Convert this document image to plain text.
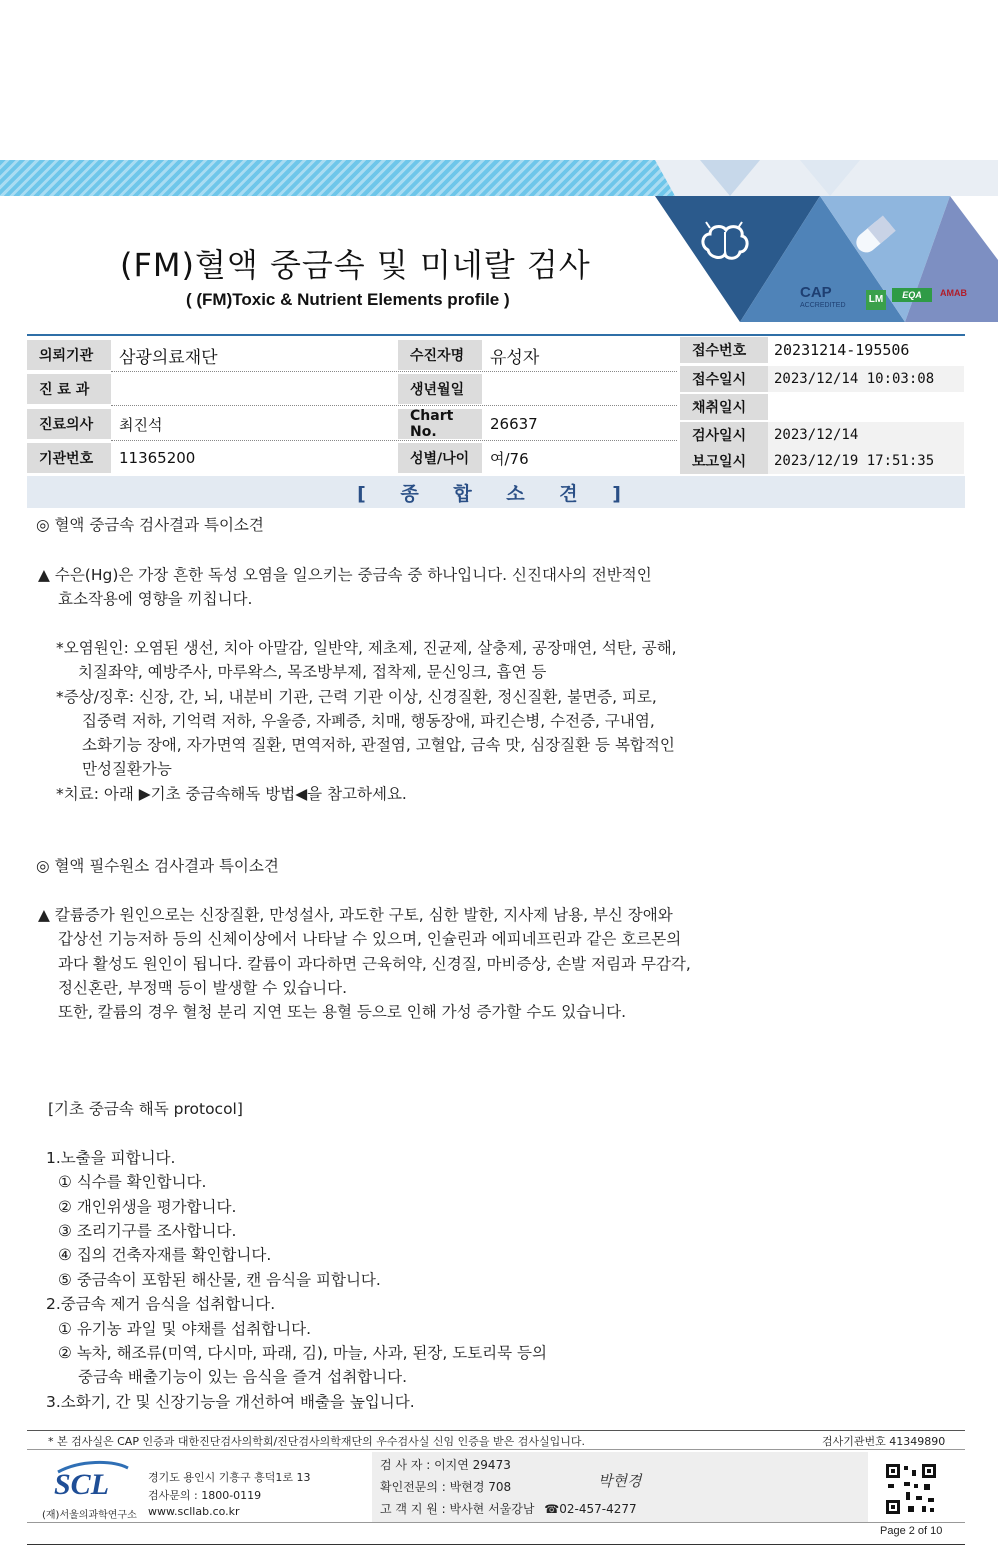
(FM)혈액 중금속 및 미네랄 검사
( (FM)Toxic & Nutrient Elements profile )	CAP
ACCREDITED
LM	EQA	AMAB
의뢰기관	삼광의료재단
진 료 과
진료의사	최진석
기관번호	11365200
수진자명	유성자
생년월일
Chart No.	26637
성별/나이	여/76
접수번호	20231214-195506
접수일시	2023/12/14 10:03:08
채취일시
검사일시	2023/12/14
보고일시	2023/12/19 17:51:35
[ 종 합 소 견 ]
◎ 혈액 중금속 검사결과 특이소견
▲ 수은(Hg)은 가장 흔한 독성 오염을 일으키는 중금속 중 하나입니다. 신진대사의 전반적인
효소작용에 영향을 끼칩니다.
*오염원인: 오염된 생선, 치아 아말감, 일반약, 제초제, 진균제, 살충제, 공장매연, 석탄, 공해,
치질좌약, 예방주사, 마루왁스, 목조방부제, 접착제, 문신잉크, 흡연 등
*증상/징후: 신장, 간, 뇌, 내분비 기관, 근력 기관 이상, 신경질환, 정신질환, 불면증, 피로,
집중력 저하, 기억력 저하, 우울증, 자폐증, 치매, 행동장애, 파킨슨병, 수전증, 구내염,
소화기능 장애, 자가면역 질환, 면역저하, 관절염, 고혈압, 금속 맛, 심장질환 등 복합적인
만성질환가능
*치료: 아래 ▶기초 중금속해독 방법◀을 참고하세요.
◎ 혈액 필수원소 검사결과 특이소견
▲ 칼륨증가 원인으로는 신장질환, 만성설사, 과도한 구토, 심한 발한, 지사제 남용, 부신 장애와
갑상선 기능저하 등의 신체이상에서 나타날 수 있으며, 인슐린과 에피네프린과 같은 호르몬의
과다 활성도 원인이 됩니다. 칼륨이 과다하면 근육허약, 신경질, 마비증상, 손발 저림과 무감각,
정신혼란, 부정맥 등이 발생할 수 있습니다.
또한, 칼륨의 경우 혈청 분리 지연 또는 용혈 등으로 인해 가성 증가할 수도 있습니다.
[기초 중금속 해독 protocol]
1.노출을 피합니다.
① 식수를 확인합니다.
② 개인위생을 평가합니다.
③ 조리기구를 조사합니다.
④ 집의 건축자재를 확인합니다.
⑤ 중금속이 포함된 해산물, 캔 음식을 피합니다.
2.중금속 제거 음식을 섭취합니다.
① 유기농 과일 및 야채를 섭취합니다.
② 녹차, 해조류(미역, 다시마, 파래, 김), 마늘, 사과, 된장, 도토리묵 등의
중금속 배출기능이 있는 음식을 즐겨 섭취합니다.
3.소화기, 간 및 신장기능을 개선하여 배출을 높입니다.
* 본 검사실은 CAP 인증과 대한진단검사의학회/진단검사의학재단의 우수검사실 신임 인증을 받은 검사실입니다.	검사기관번호 41349890
SCL
(재)서울의과학연구소
경기도 용인시 기흥구 흥덕1로 13
검사문의 : 1800-0119
www.scllab.co.kr
검 사 자 : 이지연 29473
확인전문의 : 박현경 708	박현경
고 객 지 원 : 박사현 서울강남 ☎02-457-4277
Page 2 of 10
